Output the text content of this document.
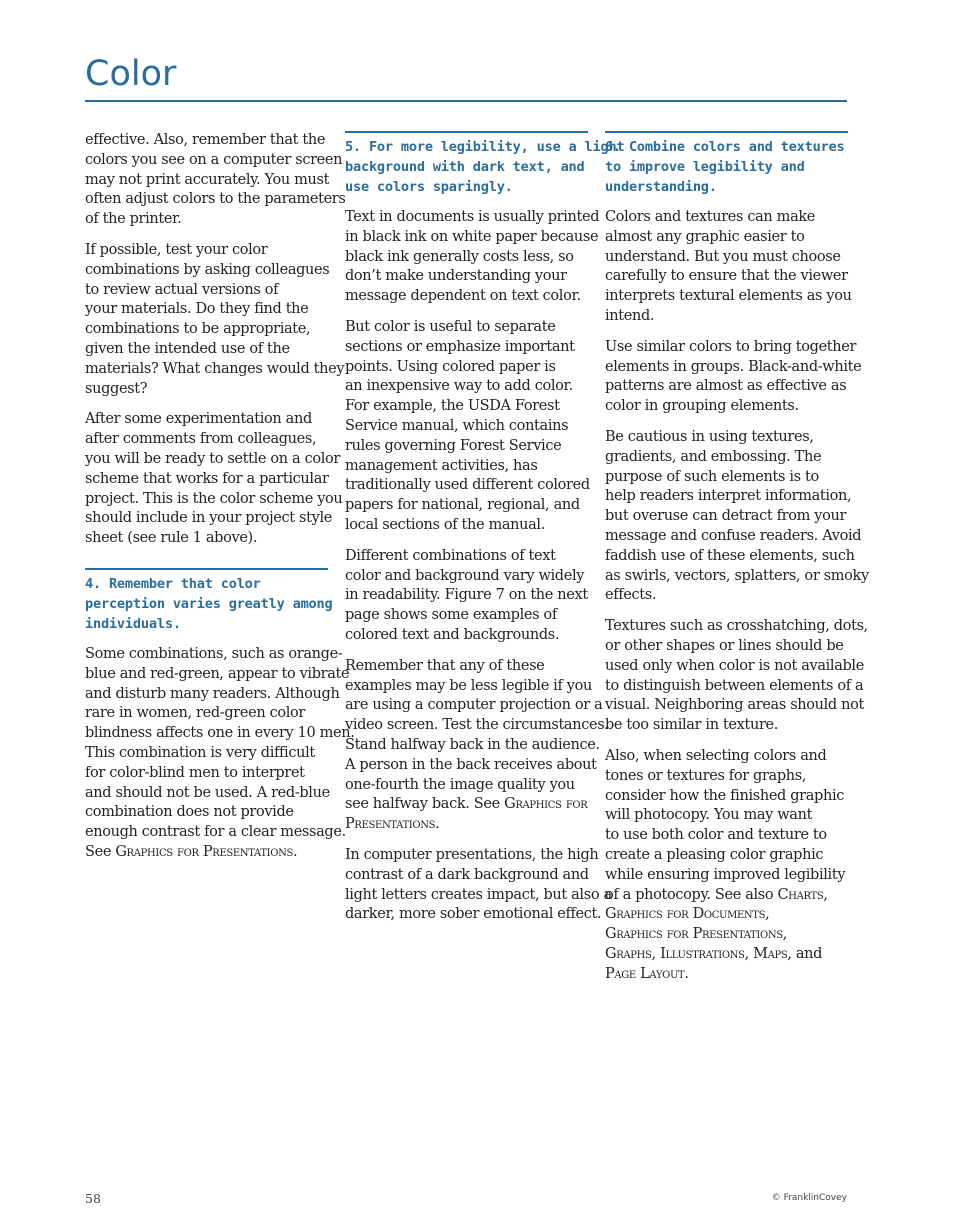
Color

effective. Also, remember that the
colors you see on a computer screen
may not print accurately. You must
often adjust colors to the parameters
of the printer.

If possible, test your color
combinations by asking colleagues
to review actual versions of
your materials. Do they find the
combinations to be appropriate,
given the intended use of the
materials? What changes would they
suggest?

After some experimentation and
after comments from colleagues,
you will be ready to settle on a color
scheme that works for a particular
project. This is the color scheme you
should include in your project style
sheet (see rule 1 above).

4. Remember that color
perception varies greatly among
individuals.

Some combinations, such as orange-
blue and red-green, appear to vibrate
and disturb many readers. Although
rare in women, red-green color
blindness affects one in every 10 men.
This combination is very difficult
for color-blind men to interpret
and should not be used. A red-blue
combination does not provide
enough contrast for a clear message.
See Graphics for Presentations.

5. For more legibility, use a light
background with dark text, and
use colors sparingly.

Text in documents is usually printed
in black ink on white paper because
black ink generally costs less, so
don’t make understanding your
message dependent on text color.

But color is useful to separate
sections or emphasize important
points. Using colored paper is
an inexpensive way to add color.
For example, the USDA Forest
Service manual, which contains
rules governing Forest Service
management activities, has
traditionally used different colored
papers for national, regional, and
local sections of the manual.

Different combinations of text
color and background vary widely
in readability. Figure 7 on the next
page shows some examples of
colored text and backgrounds.

Remember that any of these
examples may be less legible if you
are using a computer projection or a
video screen. Test the circumstances.
Stand halfway back in the audience.
A person in the back receives about
one-fourth the image quality you
see halfway back. See Graphics for
Presentations.

In computer presentations, the high
contrast of a dark background and
light letters creates impact, but also a
darker, more sober emotional effect.

6. Combine colors and textures
to improve legibility and
understanding.

Colors and textures can make
almost any graphic easier to
understand. But you must choose
carefully to ensure that the viewer
interprets textural elements as you
intend.

Use similar colors to bring together
elements in groups. Black-and-white
patterns are almost as effective as
color in grouping elements.

Be cautious in using textures,
gradients, and embossing. The
purpose of such elements is to
help readers interpret information,
but overuse can detract from your
message and confuse readers. Avoid
faddish use of these elements, such
as swirls, vectors, splatters, or smoky
effects.

Textures such as crosshatching, dots,
or other shapes or lines should be
used only when color is not available
to distinguish between elements of a
visual. Neighboring areas should not
be too similar in texture.

Also, when selecting colors and
tones or textures for graphs,
consider how the finished graphic
will photocopy. You may want
to use both color and texture to
create a pleasing color graphic
while ensuring improved legibility
of a photocopy. See also Charts,
Graphics for Documents,
Graphics for Presentations,
Graphs, Illustrations, Maps, and
Page Layout.

58	© FranklinCovey
